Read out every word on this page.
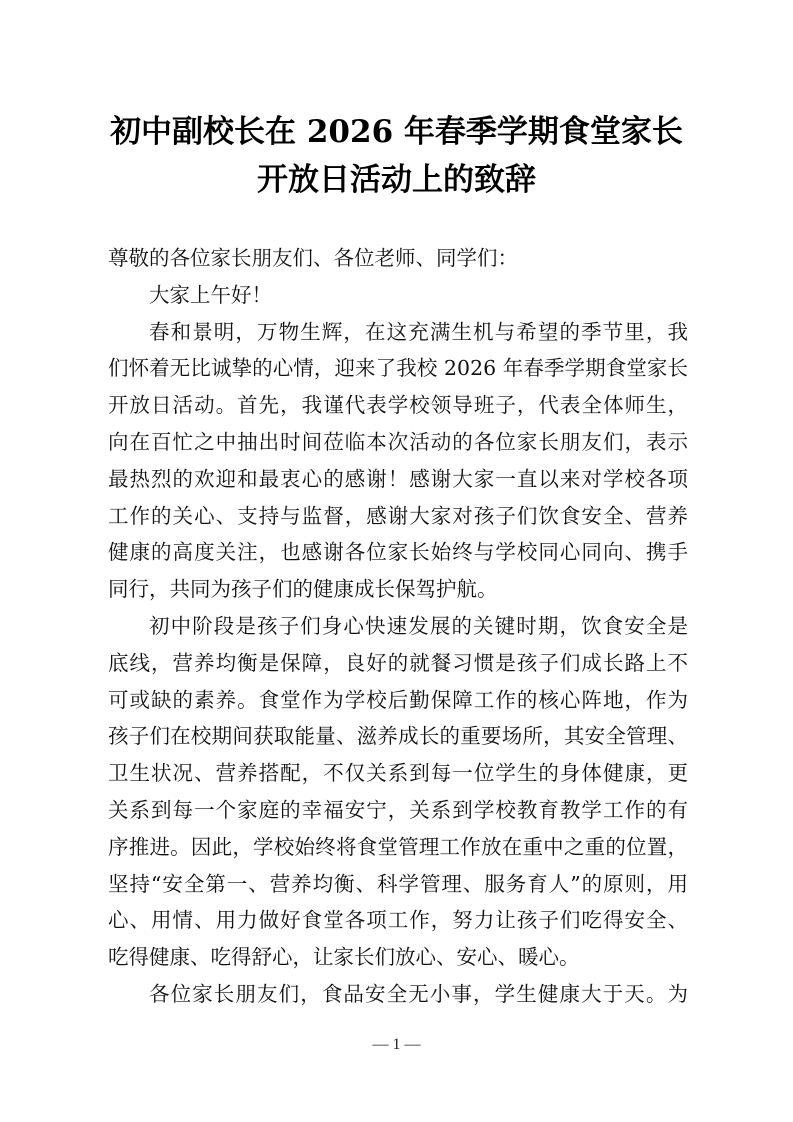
初中副校长在 2026 年春季学期食堂家长
开放日活动上的致辞
尊敬的各位家长朋友们、各位老师、同学们：
大家上午好！
春和景明，万物生辉，在这充满生机与希望的季节里，我
们怀着无比诚挚的心情，迎来了我校 2026 年春季学期食堂家长
开放日活动。首先，我谨代表学校领导班子，代表全体师生，
向在百忙之中抽出时间莅临本次活动的各位家长朋友们，表示
最热烈的欢迎和最衷心的感谢！感谢大家一直以来对学校各项
工作的关心、支持与监督，感谢大家对孩子们饮食安全、营养
健康的高度关注，也感谢各位家长始终与学校同心同向、携手
同行，共同为孩子们的健康成长保驾护航。
初中阶段是孩子们身心快速发展的关键时期，饮食安全是
底线，营养均衡是保障，良好的就餐习惯是孩子们成长路上不
可或缺的素养。食堂作为学校后勤保障工作的核心阵地，作为
孩子们在校期间获取能量、滋养成长的重要场所，其安全管理、
卫生状况、营养搭配，不仅关系到每一位学生的身体健康，更
关系到每一个家庭的幸福安宁，关系到学校教育教学工作的有
序推进。因此，学校始终将食堂管理工作放在重中之重的位置，
坚持“安全第一、营养均衡、科学管理、服务育人”的原则，用
心、用情、用力做好食堂各项工作，努力让孩子们吃得安全、
吃得健康、吃得舒心，让家长们放心、安心、暖心。
各位家长朋友们，食品安全无小事，学生健康大于天。为
— 1 —
